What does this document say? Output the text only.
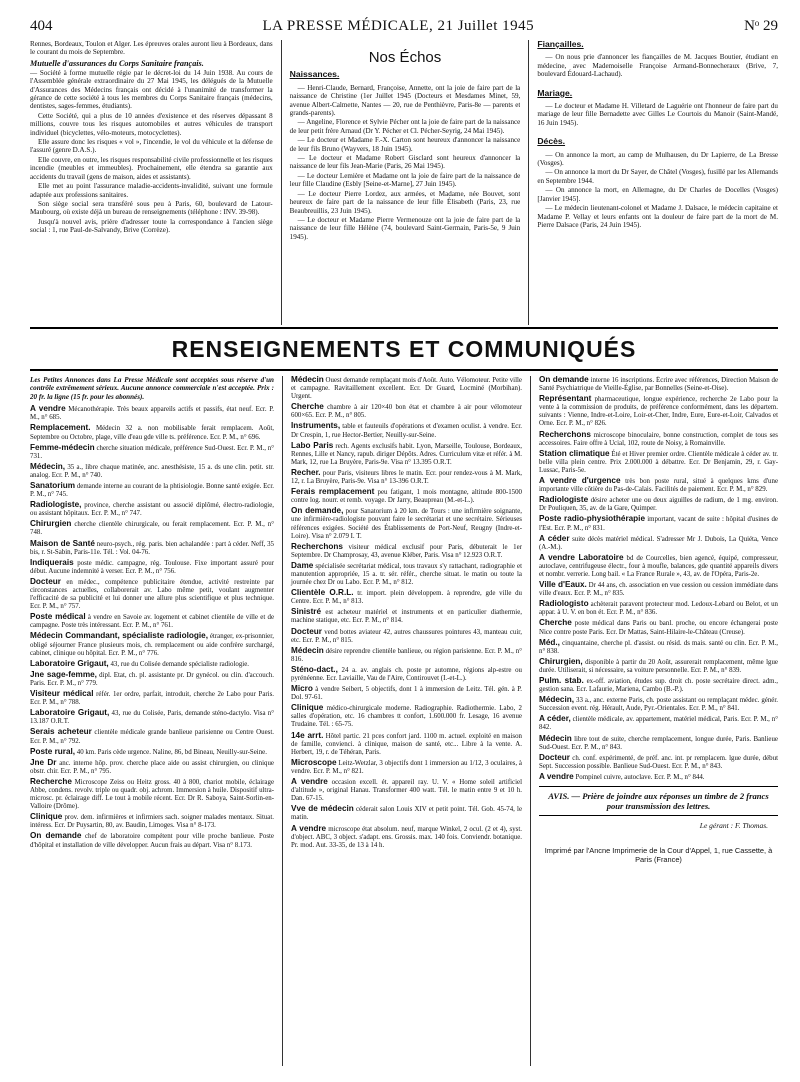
404	LA PRESSE MÉDICALE, 21 Juillet 1945	Nᵒ 29

Rennes, Bordeaux, Toulon et Alger. Les épreuves orales auront lieu à Bordeaux, dans le courant du mois de Septembre.

Mutuelle d'assurances du Corps Sanitaire français.

— Société à forme mutuelle régie par le décret-loi du 14 Juin 1938. Au cours de l'Assemblée générale extraordinaire du 27 Mai 1945, les délégués de la Mutuelle d'Assurances des Médecins français ont décidé à l'unanimité de transformer la gérance de cette société à tous les membres du Corps Sanitaire français (médecins, dentistes, sages-femmes, étudiants).

Cette Société, qui a plus de 10 années d'existence et des réserves dépassant 8 millions, couvre tous les risques automobiles et autres véhicules de transport individuel (bicyclettes, vélo-moteurs, motocyclettes).

Elle assure donc les risques « vol », l'incendie, le vol du véhicule et la défense de l'assuré (genre D.A.S.).

Elle couvre, en outre, les risques responsabilité civile professionnelle et les risques incendie (meubles et immeubles). Prochainement, elle étendra sa garantie aux accidents du travail (gens de maison, aides et assistants).

Elle met au point l'assurance maladie-accidents-invalidité, suivant une formule adaptée aux professions sanitaires.

Son siège social sera transféré sous peu à Paris, 60, boulevard de Latour-Maubourg, où existe déjà un bureau de renseignements (téléphone : INV. 39-98).

Jusqu'à nouvel avis, prière d'adresser toute la correspondance à l'ancien siège social : 1, rue Paul-de-Salvandy, Brive (Corrèze).

Nos Échos
Naissances.

— Henri-Claude, Bernard, Françoise, Annette, ont la joie de faire part de la naissance de Christine (1er Juillet 1945 (Docteurs et Mesdames Minet, 59, avenue Albert-Calmette, Nantes — 20, rue de Penthièvre, Paris-8e — parents et grands-parents).

— Angeline, Florence et Sylvie Pécher ont la joie de faire part de la naissance de leur petit frère Arnaud (Dr Y. Pécher et Cl. Pécher-Seyrig, 24 Mai 1945).

— Le docteur et Madame F.-X. Carton sont heureux d'annoncer la naissance de leur fils Bruno (Wayvers, 18 Juin 1945).

— Le docteur et Madame Robert Gisclard sont heureux d'annoncer la naissance de leur fils Jean-Marie (Paris, 26 Mai 1945).

— Le docteur Lemière et Madame ont la joie de faire part de la naissance de leur fille Claudine (Esbly [Seine-et-Marne], 27 Juin 1945).

— Le docteur Pierre Lordez, aux armées, et Madame, née Bouvet, sont heureux de faire part de la naissance de leur fille Élisabeth (Paris, 23, rue Beaubreuillis, 23 Juin 1945).

— Le docteur et Madame Pierre Vermenouze ont la joie de faire part de la naissance de leur fille Hélène (74, boulevard Saint-Germain, Paris-5e, 9 Juin 1945).

Fiançailles.

— On nous prie d'annoncer les fiançailles de M. Jacques Boutier, étudiant en médecine, avec Mademoiselle Françoise Armand-Bonnecheraux (Brive, 7, boulevard Édouard-Lachaud).

Mariage.

— Le docteur et Madame H. Villetard de Laguérie ont l'honneur de faire part du mariage de leur fille Bernadette avec Gilles Le Courtois du Manoir (Saint-Mandé, 16 Juin 1945).

Décès.

— On annonce la mort, au camp de Mulhausen, du Dr Lapierre, de La Bresse (Vosges).

— On annonce la mort du Dr Sayer, de Châtel (Vosges), fusillé par les Allemands en Septembre 1944.

— On annonce la mort, en Allemagne, du Dr Charles de Docelles (Vosges) [Janvier 1945].

— Le médecin lieutenant-colonel et Madame J. Dalsace, le médecin capitaine et Madame P. Vellay et leurs enfants ont la douleur de faire part de la mort de M. Pierre Dalsace (Paris, 24 Juin 1945).

RENSEIGNEMENTS ET COMMUNIQUÉS
Les Petites Annonces dans La Presse Médicale sont acceptées sous réserve d'un contrôle extrêmement sérieux. Aucune annonce commerciale n'est acceptée. Prix : 20 fr. la ligne (15 fr. pour les abonnés).
A vendre Mécanothérapie. Très beaux appareils actifs et passifs, état neuf. Ecr. P. M., n° 685.
Remplacement. Médecin 32 a. non mobilisable ferait remplacem. Août, Septembre ou Octobre, plage, ville d'eau gde ville ts. préférence. Ecr. P. M., n° 696.
Femme-médecin cherche situation médicale, préférence Sud-Ouest. Ecr. P. M., n° 731.
Médecin, 35 a., libre chaque matinée, anc. anesthésiste, 15 a. ds une clin. petit. str. analog. Ecr. P. M., n° 740.
Sanatorium demande interne au courant de la phtisiologie. Bonne santé exigée. Ecr. P. M., n° 745.
Radiologiste, province, cherche assistant ou associé diplômé, électro-radiologie, ou assistant hôpitaux. Ecr. P. M., n° 747.
Chirurgien cherche clientèle chirurgicale, ou ferait remplacement. Ecr. P. M., n° 748.
Maison de Santé neuro-psych., rég. paris. bien achalandée : part à céder. Neff, 35 bis, r. St-Sabin, Paris-11e. Tél. : Vol. 04-76.
Indiquerais poste médic. campagne, rég. Toulouse. Fixe important assuré pour début. Aucune indemnité à verser. Ecr. P. M., n° 756.
Docteur en médec., compétence publicitaire étendue, activité restreinte par circonstances actuelles, collaborerait av. Labo même petit, voulant augmenter l'efficacité de sa publicité et lui donner une allure plus scientifique et plus technique. Ecr. P. M., n° 757.
Poste médical à vendre en Savoie av. logement et cabinet clientèle de ville et de campagne. Poste très intéressant. Ecr. P. M., n° 761.
Médecin Commandant, spécialiste radiologie, étranger, ex-prisonnier, obligé séjourner France plusieurs mois, ch. remplacement ou aide confrère surchargé, cabinet, clinique ou hôpital. Ecr. P. M., n° 776.
Laboratoire Grigaut, 43, rue du Colisée demande spécialiste radiologie.
Jne sage-femme, dipl. Etat, ch. pl. assistante pr. Dr gynécol. ou clin. d'accouch. Paris. Ecr. P. M., n° 779.
Visiteur médical référ. 1er ordre, parfait, introduit, cherche 2e Labo pour Paris. Ecr. P. M., n° 788.
Laboratoire Grigaut, 43, rue du Colisée, Paris, demande sténo-dactylo. Visa n° 13.187 O.R.T.
Serais acheteur clientèle médicale grande banlieue parisienne ou Centre Ouest. Ecr. P. M., n° 792.
Poste rural, 40 km. Paris cède urgence. Naline, 86, bd Bineau, Neuilly-sur-Seine.
Jne Dr anc. interne hôp. prov. cherche place aide ou assist chirurgien, ou clinique obstr. chir. Ecr. P. M., n° 795.
Recherche Microscope Zeiss ou Heitz gross. 40 à 800, chariot mobile, éclairage Abbe, condens. revolv. triple ou quadr. obj. achrom. Immersion à huile. Dispositif ultra-microsc. pr. éclairage diff. Le tout à mobile récent. Ecr. Dr R. Saboya, Saint-Sorlin-en-Valloire (Drôme).
Clinique prov. dem. infirmières et infirmiers sach. soigner malades mentaux. Situat. intéress. Ecr. Dr Puysartin, 80, av. Baudin, Limoges. Visa n° 8-173.
On demande chef de laboratoire compétent pour ville proche banlieue. Poste d'hôpital et installation de ville développer. Aucun frais au départ. Visa n° 8.173.
Médecin Ouest demande remplaçant mois d'Août. Auto. Vélomoteur. Petite ville et campagne. Ravitaillement excellent. Ecr. Dr Guard, Locminé (Morbihan). Urgent.
Cherche chambre à air 120×40 bon état et chambre à air pour vélomoteur 600×65. Ecr. P. M., n° 805.
Instruments, table et fauteuils d'opérations et d'examen oculist. à vendre. Ecr. Dr Crespin, 1, rue Hector-Bertier, Neuilly-sur-Seine.
Labo Paris rech. Agents exclusifs habit. Lyon, Marseille, Toulouse, Bordeaux, Rennes, Lille et Nancy, rapub. diriger Dépôts. Adres. Curriculum vitæ et référ. à M. Mark, 12, rue La Bruyère, Paris-9e. Visa n° 13.395 O.R.T.
Recher. pour Paris, visiteurs libres le matin. Ecr. pour rendez-vous à M. Mark, 12, r. La Bruyère, Paris-9e. Visa n° 13-396 O.R.T.
Ferais remplacement peu fatigant, 1 mois montagne, altitude 800-1500 contre log. nourr. et remb. voyage. Dr Jarry, Beaupreau (M.-et-L.).
On demande, pour Sanatorium à 20 km. de Tours : une infirmière soignante, une infirmière-radiologiste pouvant faire le secrétariat et une secrétaire. Sérieuses références exigées. Société des Établissements de Port-Neuf, Reugny (Indre-et-Loire). Visa n° 2.079 I. T.
Recherchons visiteur médical exclusif pour Paris, débuterait le 1er Septembre. Dr Champrosay, 43, avenue Kléber, Paris. Visa n° 12.923 O.R.T.
Dame spécialisée secrétariat médical, tous travaux s'y rattachant, radiographie et manutention appropriée, 15 a. tr. sér. référ., cherche situat. le matin ou toute la journée chez Dr ou Labo. Ecr. P. M., n° 812.
Clientèle O.R.L. tr. import. plein développem. à reprendre, gde ville du Centre. Ecr. P. M., n° 813.
Sinistré est acheteur matériel et instruments et en particulier diathermie, machine statique, etc. Ecr. P. M., n° 814.
Docteur vend bottes aviateur 42, autres chaussures pointures 43, manteau cuir, etc. Ecr. P. M., n° 815.
Médecin désire reprendre clientèle banlieue, ou région parisienne. Ecr. P. M., n° 816.
Sténo-dact., 24 a. av. anglais ch. poste pr automne, régions alp-estre ou pyrénéenne. Ecr. Laviaille, Vau de l'Aire, Contirouvet (I.-et-L.).
Micro à vendre Seibert, 5 objectifs, dont 1 à immersion de Leitz. Tél. gén. à P. Dol. 97-61.
Clinique médico-chirurgicale moderne. Radiographie. Radiothermie. Labo, 2 salles d'opération, etc. 16 chambres tt confort, 1.600.000 fr. Lesage, 16 avenue Trudaine. Tél. : 65-75.
14e arrt. Hôtel partic. 21 pces confort jard. 1100 m. actuel. exploité en maison de famille, convienci. à clinique, maison de santé, etc... Libre à la vente. A. Herbert, 19, r. de Téhéran, Paris.
Microscope Leitz-Wetzlar, 3 objectifs dont 1 immersion au 1/12, 3 oculaires, à vendre. Ecr. P. M., n° 821.
A vendre occasion excell. ét. appareil ray. U. V. « Home soleil artificiel d'altitude », original Hanau. Transformer 400 watt. Tél. le matin entre 9 et 10 h. Dan. 67-15.
Vve de médecin céderait salon Louis XIV et petit point. Tél. Gob. 45-74, le matin.
A vendre microscope état absolum. neuf, marque Winkel, 2 ocul. (2 et 4), syst. d'object. ABC, 3 object. s'adapt. ens. Grossis. max. 140 fois. Conviendr. botanique. Pr. mod. Aut. 33-35, de 13 à 14 h.
On demande interne 16 inscriptions. Écrire avec références, Direction Maison de Santé Psychiatrique de Vieille-Église, par Bonnelles (Seine-et-Oise).
Représentant pharmaceutique, longue expérience, recherche 2e Labo pour la vente à la commission de produits, de préférence conformément, dans les départem. suivants : Vienne, Indre-et-Loire, Loir-et-Cher, Indre, Eure, Eure-et-Loir, Calvados et Orne. Ecr. P. M., n° 826.
Recherchons microscope binoculaire, bonne construction, complet de tous ses accessoires. Faire offre à Ucial, 102, route de Noisy, à Romainville.
Station climatique Été et Hiver premier ordre. Clientèle médicale à céder av. tr. belle villa plein centre. Prix 2.000.000 à débattre. Ecr. Dr Benjamin, 29, r. Gay-Lussac, Paris-5e.
A vendre d'urgence très bon poste rural, situé à quelques kms d'une importante ville côtière du Pas-de-Calais. Facilités de paiement. Ecr. P. M., n° 829.
Radiologiste désire acheter une ou deux aiguilles de radium, de 1 mg. environ. Dr Pouliquen, 35, av. de la Gare, Quimper.
Poste radio-physiothérapie important, vacant de suite : hôpital d'usines de l'Est. Ecr. P. M., n° 831.
A céder suite décès matériel médical. S'adresser Mr J. Dubois, La Quiéta, Vence (A.-M.).
A vendre Laboratoire bd de Courcelles, bien agencé, équipé, compresseur, autoclave, centrifugeuse électr., four à moufle, balances, gde quantité appareils divers et nombr. verrerie. Long bail. « La France Rurale », 43, av. de l'Opéra, Paris-2e.
Ville d'Eaux. Dr 44 ans, ch. association en vue cession ou cession immédiate dans ville d'eaux. Ecr. P. M., n° 835.
Radiologisto achèterait paravent protecteur mod. Ledoux-Lebard ou Belot, et un appar. à U. V. en bon ét. Ecr. P. M., n° 836.
Cherche poste médical dans Paris ou banl. proche, ou encore échangerai poste Nice contre poste Paris. Ecr. Dr Mattas, Saint-Hilaire-le-Château (Creuse).
Méd., cinquantaine, cherche pl. d'assist. ou résid. ds mais. santé ou clin. Ecr. P. M., n° 838.
Chirurgien, disponible à partir du 20 Août, assurerait remplacement, même lgue durée. Utiliserait, si nécessaire, sa voiture personnelle. Ecr. P. M., n° 839.
Pulm. stab. ex-off. aviation, études sup. droit ch. poste secrétaire direct. adm., gestion sana. Ecr. Lafaurie, Mariena, Cambo (B.-P.).
Médecin, 33 a., anc. externe Paris, ch. poste assistant ou remplaçant médec. génér. Succession event. rég. Hérault, Aude, Pyr.-Orientales. Ecr. P. M., n° 841.
A céder, clientèle médicale, av. appartement, matériel médical, Paris. Ecr. P. M., n° 842.
Médecin libre tout de suite, cherche remplacement, longue durée, Paris. Banlieue Sud-Ouest. Ecr. P. M., n° 843.
Docteur ch. conf. expérimenté, de préf. anc. int. pr remplacem. lgue durée, début Sept. Succession possible. Banlieue Sud-Ouest. Ecr. P. M., n° 843.
A vendre Pompinel cuivre, autoclave. Ecr. P. M., n° 844.
AVIS. — Prière de joindre aux réponses un timbre de 2 francs pour transmission des lettres.
Le gérant : F. Thomas.
Imprimé par l'Ancne Imprimerie de la Cour d'Appel, 1, rue Cassette, à Paris (France)
